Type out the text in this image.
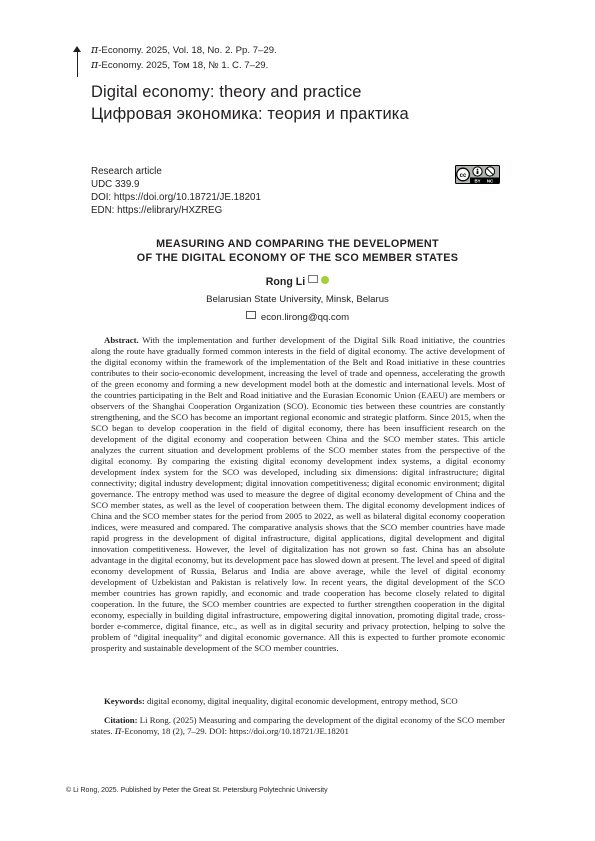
π-Economy. 2025, Vol. 18, No. 2. Pp. 7–29.
π-Economy. 2025, Том 18, № 1. С. 7–29.
Digital economy: theory and practice
Цифровая экономика: теория и практика
Research article
UDC 339.9
DOI: https://doi.org/10.18721/JE.18201
EDN: https://elibrary/HXZREG
cc
BY NC
MEASURING AND COMPARING THE DEVELOPMENT
OF THE DIGITAL ECONOMY OF THE SCO MEMBER STATES
Rong Li
Belarusian State University, Minsk, Belarus
econ.lirong@qq.com
Abstract. With the implementation and further development of the Digital Silk Road initiative, the countries along the route have gradually formed common interests in the field of digital economy. The active development of the digital economy within the framework of the implementation of the Belt and Road initiative in these countries contributes to their socio-economic development, increasing the level of trade and openness, accelerating the growth of the green economy and forming a new development model both at the domestic and international levels. Most of the countries participating in the Belt and Road initiative and the Eurasian Economic Union (EAEU) are members or observers of the Shanghai Cooperation Organization (SCO). Economic ties between these countries are constantly strengthening, and the SCO has become an important regional economic and strategic platform. Since 2015, when the SCO began to develop cooperation in the field of digital economy, there has been insufficient research on the development of the digital economy and cooperation between China and the SCO member states. This article analyzes the current situation and development problems of the SCO member states from the perspective of the digital economy. By comparing the existing digital economy development index systems, a digital economy development index system for the SCO was developed, including six dimensions: digital infrastructure; digital connectivity; digital industry development; digital innovation competitiveness; digital economic environment; digital governance. The entropy method was used to measure the degree of digital economy development of China and the SCO member states, as well as the level of cooperation between them. The digital economy development indices of China and the SCO member states for the period from 2005 to 2022, as well as bilateral digital economy cooperation indices, were measured and compared. The comparative analysis shows that the SCO member countries have made rapid progress in the development of digital infrastructure, digital applications, digital development and digital innovation competitiveness. However, the level of digitalization has not grown so fast. China has an absolute advantage in the digital economy, but its development pace has slowed down at present. The level and speed of digital economy development of Russia, Belarus and India are above average, while the level of digital economy development of Uzbekistan and Pakistan is relatively low. In recent years, the digital development of the SCO member countries has grown rapidly, and economic and trade cooperation has become closely related to digital cooperation. In the future, the SCO member countries are expected to further strengthen cooperation in the digital economy, especially in building digital infrastructure, empowering digital innovation, promoting digital trade, cross-border e-commerce, digital finance, etc., as well as in digital security and privacy protection, helping to solve the problem of “digital inequality” and digital economic governance. All this is expected to further promote economic prosperity and sustainable development of the SCO member countries.
Keywords: digital economy, digital inequality, digital economic development, entropy method, SCO
Citation: Li Rong. (2025) Measuring and comparing the development of the digital economy of the SCO member states. π-Economy, 18 (2), 7–29. DOI: https://doi.org/10.18721/JE.18201
© Li Rong, 2025. Published by Peter the Great St. Petersburg Polytechnic University
